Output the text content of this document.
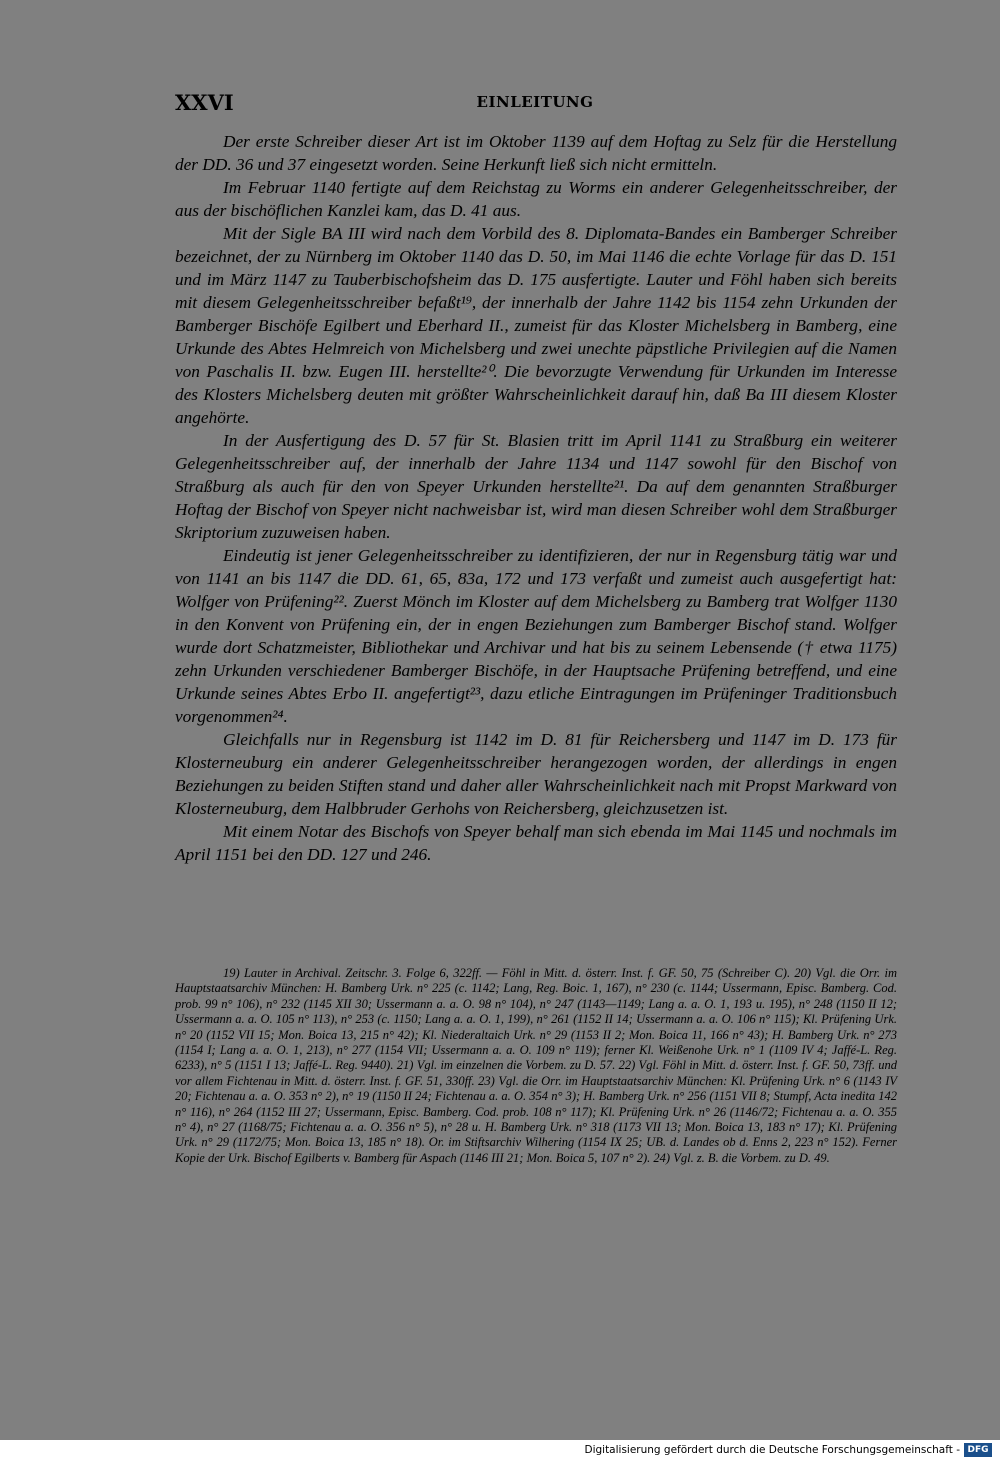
XXVI	EINLEITUNG

Der erste Schreiber dieser Art ist im Oktober 1139 auf dem Hoftag zu Selz für die Herstellung der DD. 36 und 37 eingesetzt worden. Seine Herkunft ließ sich nicht ermitteln.

Im Februar 1140 fertigte auf dem Reichstag zu Worms ein anderer Gelegenheitsschreiber, der aus der bischöflichen Kanzlei kam, das D. 41 aus.

Mit der Sigle BA III wird nach dem Vorbild des 8. Diplomata-Bandes ein Bamberger Schreiber bezeichnet, der zu Nürnberg im Oktober 1140 das D. 50, im Mai 1146 die echte Vorlage für das D. 151 und im März 1147 zu Tauberbischofsheim das D. 175 ausfertigte. Lauter und Föhl haben sich bereits mit diesem Gelegenheitsschreiber befaßt¹⁹, der innerhalb der Jahre 1142 bis 1154 zehn Urkunden der Bamberger Bischöfe Egilbert und Eberhard II., zumeist für das Kloster Michelsberg in Bamberg, eine Urkunde des Abtes Helmreich von Michelsberg und zwei unechte päpstliche Privilegien auf die Namen von Paschalis II. bzw. Eugen III. herstellte²⁰. Die bevorzugte Verwendung für Urkunden im Interesse des Klosters Michelsberg deuten mit größter Wahrscheinlichkeit darauf hin, daß Ba III diesem Kloster angehörte.

In der Ausfertigung des D. 57 für St. Blasien tritt im April 1141 zu Straßburg ein weiterer Gelegenheitsschreiber auf, der innerhalb der Jahre 1134 und 1147 sowohl für den Bischof von Straßburg als auch für den von Speyer Urkunden herstellte²¹. Da auf dem genannten Straßburger Hoftag der Bischof von Speyer nicht nachweisbar ist, wird man diesen Schreiber wohl dem Straßburger Skriptorium zuzuweisen haben.

Eindeutig ist jener Gelegenheitsschreiber zu identifizieren, der nur in Regensburg tätig war und von 1141 an bis 1147 die DD. 61, 65, 83a, 172 und 173 verfaßt und zumeist auch ausgefertigt hat: Wolfger von Prüfening²². Zuerst Mönch im Kloster auf dem Michelsberg zu Bamberg trat Wolfger 1130 in den Konvent von Prüfening ein, der in engen Beziehungen zum Bamberger Bischof stand. Wolfger wurde dort Schatzmeister, Bibliothekar und Archivar und hat bis zu seinem Lebensende († etwa 1175) zehn Urkunden verschiedener Bamberger Bischöfe, in der Hauptsache Prüfening betreffend, und eine Urkunde seines Abtes Erbo II. angefertigt²³, dazu etliche Eintragungen im Prüfeninger Traditionsbuch vorgenommen²⁴.

Gleichfalls nur in Regensburg ist 1142 im D. 81 für Reichersberg und 1147 im D. 173 für Klosterneuburg ein anderer Gelegenheitsschreiber herangezogen worden, der allerdings in engen Beziehungen zu beiden Stiften stand und daher aller Wahrscheinlichkeit nach mit Propst Markward von Klosterneuburg, dem Halbbruder Gerhohs von Reichersberg, gleichzusetzen ist.

Mit einem Notar des Bischofs von Speyer behalf man sich ebenda im Mai 1145 und nochmals im April 1151 bei den DD. 127 und 246.

19) Lauter in Archival. Zeitschr. 3. Folge 6, 322ff. — Föhl in Mitt. d. österr. Inst. f. GF. 50, 75 (Schreiber C). 20) Vgl. die Orr. im Hauptstaatsarchiv München: H. Bamberg Urk. n° 225 (c. 1142; Lang, Reg. Boic. 1, 167), n° 230 (c. 1144; Ussermann, Episc. Bamberg. Cod. prob. 99 n° 106), n° 232 (1145 XII 30; Ussermann a. a. O. 98 n° 104), n° 247 (1143—1149; Lang a. a. O. 1, 193 u. 195), n° 248 (1150 II 12; Ussermann a. a. O. 105 n° 113), n° 253 (c. 1150; Lang a. a. O. 1, 199), n° 261 (1152 II 14; Ussermann a. a. O. 106 n° 115); Kl. Prüfening Urk. n° 20 (1152 VII 15; Mon. Boica 13, 215 n° 42); Kl. Niederaltaich Urk. n° 29 (1153 II 2; Mon. Boica 11, 166 n° 43); H. Bamberg Urk. n° 273 (1154 I; Lang a. a. O. 1, 213), n° 277 (1154 VII; Ussermann a. a. O. 109 n° 119); ferner Kl. Weißenohe Urk. n° 1 (1109 IV 4; Jaffé-L. Reg. 6233), n° 5 (1151 I 13; Jaffé-L. Reg. 9440). 21) Vgl. im einzelnen die Vorbem. zu D. 57. 22) Vgl. Föhl in Mitt. d. österr. Inst. f. GF. 50, 73ff. und vor allem Fichtenau in Mitt. d. österr. Inst. f. GF. 51, 330ff. 23) Vgl. die Orr. im Hauptstaatsarchiv München: Kl. Prüfening Urk. n° 6 (1143 IV 20; Fichtenau a. a. O. 353 n° 2), n° 19 (1150 II 24; Fichtenau a. a. O. 354 n° 3); H. Bamberg Urk. n° 256 (1151 VII 8; Stumpf, Acta inedita 142 n° 116), n° 264 (1152 III 27; Ussermann, Episc. Bamberg. Cod. prob. 108 n° 117); Kl. Prüfening Urk. n° 26 (1146/72; Fichtenau a. a. O. 355 n° 4), n° 27 (1168/75; Fichtenau a. a. O. 356 n° 5), n° 28 u. H. Bamberg Urk. n° 318 (1173 VII 13; Mon. Boica 13, 183 n° 17); Kl. Prüfening Urk. n° 29 (1172/75; Mon. Boica 13, 185 n° 18). Or. im Stiftsarchiv Wilhering (1154 IX 25; UB. d. Landes ob d. Enns 2, 223 n° 152). Ferner Kopie der Urk. Bischof Egilberts v. Bamberg für Aspach (1146 III 21; Mon. Boica 5, 107 n° 2). 24) Vgl. z. B. die Vorbem. zu D. 49.

Digitalisierung gefördert durch die Deutsche Forschungsgemeinschaft - DFG
